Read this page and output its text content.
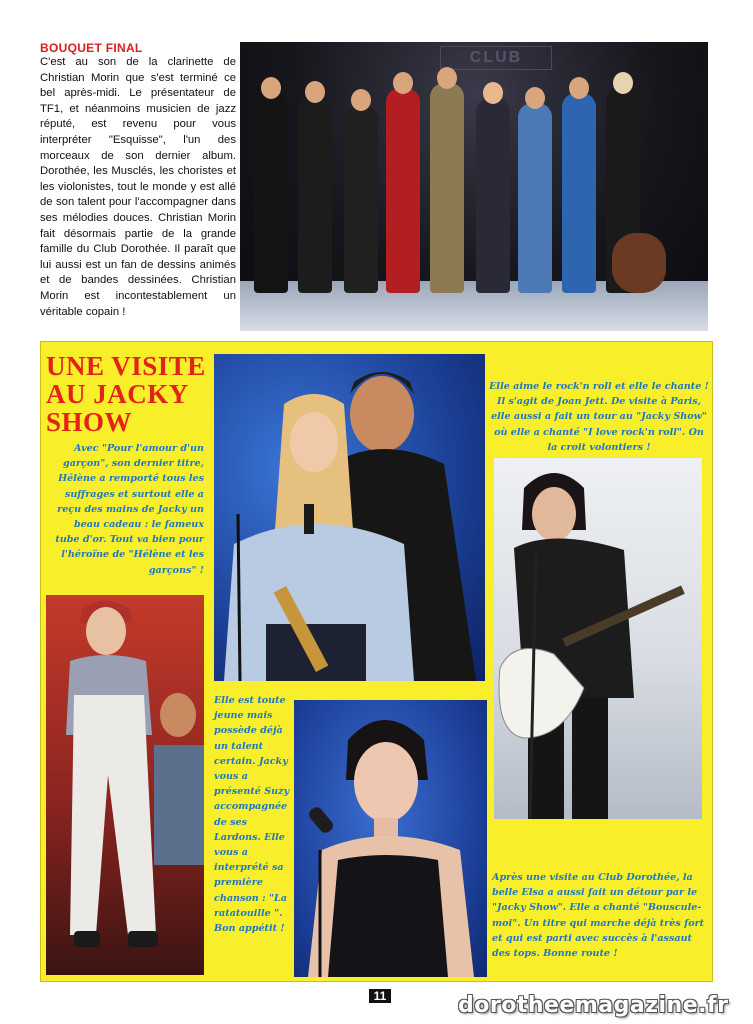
BOUQUET FINAL
C'est au son de la clarinette de Christian Morin que s'est terminé ce bel après-midi. Le présentateur de TF1, et néanmoins musicien de jazz réputé, est revenu pour vous interpréter "Esquisse", l'un des morceaux de son dernier album. Dorothée, les Musclés, les choristes et les violonistes, tout le monde y est allé de son talent pour l'accompagner dans ses mélodies douces. Christian Morin fait désormais partie de la grande famille du Club Dorothée. Il paraît que lui aussi est un fan de dessins animés et de bandes dessinées. Christian Morin est incontestablement un véritable copain !
CLUB
UNE VISITE AU JACKY SHOW
Avec "Pour l'amour d'un garçon", son dernier titre, Hélène a remporté tous les suffrages et surtout elle a reçu des mains de Jacky un beau cadeau : le fameux tube d'or. Tout va bien pour l'héroïne de "Hélène et les garçons" !
Elle aime le rock'n roll et elle le chante ! Il s'agit de Joan Jett. De visite à Paris, elle aussi a fait un tour au "Jacky Show" où elle a chanté "I love rock'n roll". On la croit volontiers !
Elle est toute jeune mais possède déjà un talent certain. Jacky vous a présenté Suzy accompagnée de ses Lardons. Elle vous a interprété sa première chanson : "La ratatouille ". Bon appétit !
Après une visite au Club Dorothée, la belle Elsa a aussi fait un détour par le "Jacky Show". Elle a chanté "Bouscule-moi". Un titre qui marche déjà très fort et qui est parti avec succès à l'assaut des tops. Bonne route !
11	dorotheemagazine.fr
